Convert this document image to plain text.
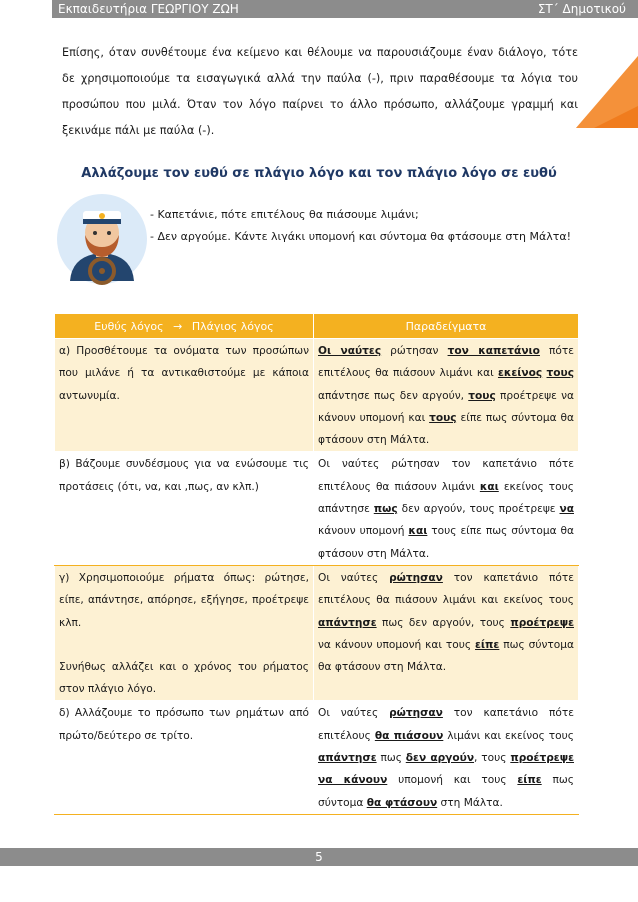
Εκπαιδευτήρια ΓΕΩΡΓΙΟΥ ΖΩΗ	ΣΤ΄ Δημοτικού
Επίσης, όταν συνθέτουμε ένα κείμενο και θέλουμε να παρουσιάζουμε έναν διάλογο, τότε δε χρησιμοποιούμε τα εισαγωγικά αλλά την παύλα (-), πριν παραθέσουμε τα λόγια του προσώπου που μιλά. Όταν τον λόγο παίρνει το άλλο πρόσωπο, αλλάζουμε γραμμή και ξεκινάμε πάλι με παύλα (-).
Αλλάζουμε τον ευθύ σε πλάγιο λόγο και τον πλάγιο λόγο σε ευθύ
- Καπετάνιε, πότε επιτέλους θα πιάσουμε λιμάνι;
- Δεν αργούμε. Κάντε λιγάκι υπομονή και σύντομα θα φτάσουμε στη Μάλτα!
Ευθύς λόγος → Πλάγιος λόγος	Παραδείγματα

α) Προσθέτουμε τα ονόματα των προσώπων που μιλάνε ή τα αντικαθιστούμε με κάποια αντωνυμία.	Οι ναύτες ρώτησαν τον καπετάνιο πότε επιτέλους θα πιάσουν λιμάνι και εκείνος τους απάντησε πως δεν αργούν, τους προέτρεψε να κάνουν υπομονή και τους είπε πως σύντομα θα φτάσουν στη Μάλτα.

β) Βάζουμε συνδέσμους για να ενώσουμε τις προτάσεις (ότι, να, και ,πως, αν κλπ.)	Οι ναύτες ρώτησαν τον καπετάνιο πότε επιτέλους θα πιάσουν λιμάνι και εκείνος τους απάντησε πως δεν αργούν, τους προέτρεψε να κάνουν υπομονή και τους είπε πως σύντομα θα φτάσουν στη Μάλτα.

γ) Χρησιμοποιούμε ρήματα όπως: ρώτησε, είπε, απάντησε, απόρησε, εξήγησε, προέτρεψε κλπ.
Συνήθως αλλάζει και ο χρόνος του ρήματος στον πλάγιο λόγο.	Οι ναύτες ρώτησαν τον καπετάνιο πότε επιτέλους θα πιάσουν λιμάνι και εκείνος τους απάντησε πως δεν αργούν, τους προέτρεψε να κάνουν υπομονή και τους είπε πως σύντομα θα φτάσουν στη Μάλτα.

δ) Αλλάζουμε το πρόσωπο των ρημάτων από πρώτο/δεύτερο σε τρίτο.	Οι ναύτες ρώτησαν τον καπετάνιο πότε επιτέλους θα πιάσουν λιμάνι και εκείνος τους απάντησε πως δεν αργούν, τους προέτρεψε να κάνουν υπομονή και τους είπε πως σύντομα θα φτάσουν στη Μάλτα.
5
